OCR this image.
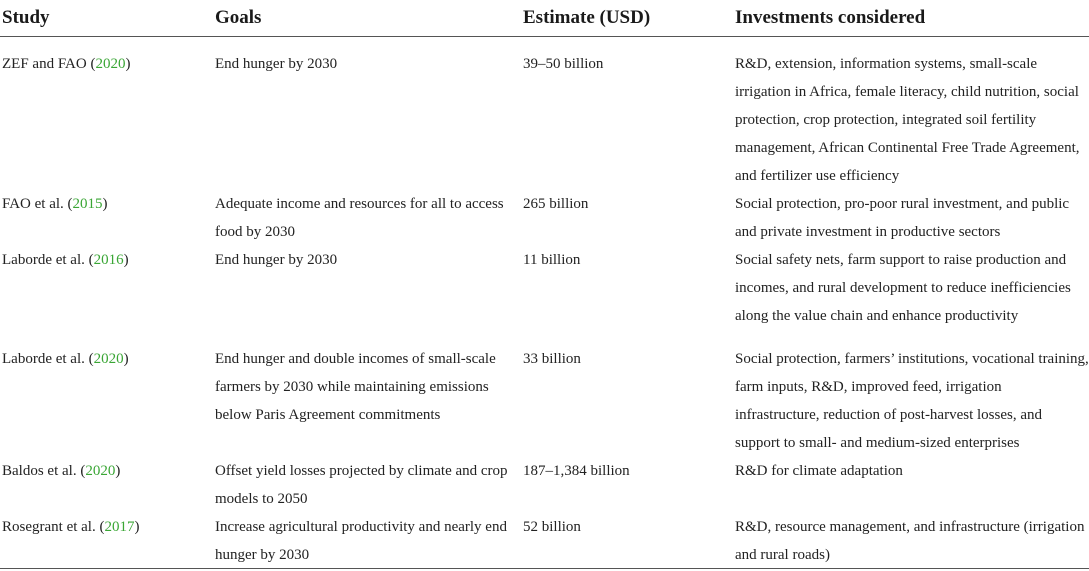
Study	Goals	Estimate (USD)	Investments considered
ZEF and FAO (2020)	End hunger by 2030	39–50 billion	R&D, extension, information systems, small-scale irrigation in Africa, female literacy, child nutrition, social protection, crop protection, integrated soil fertility management, African Continental Free Trade Agreement, and fertilizer use efficiency
FAO et al. (2015)	Adequate income and resources for all to access food by 2030	265 billion	Social protection, pro-poor rural investment, and public and private investment in productive sectors
Laborde et al. (2016)	End hunger by 2030	11 billion	Social safety nets, farm support to raise production and incomes, and rural development to reduce inefficiencies along the value chain and enhance productivity
Laborde et al. (2020)	End hunger and double incomes of small-scale farmers by 2030 while maintaining emissions below Paris Agreement commitments	33 billion	Social protection, farmers’ institutions, vocational training, farm inputs, R&D, improved feed, irrigation infrastructure, reduction of post-harvest losses, and support to small- and medium-sized enterprises
Baldos et al. (2020)	Offset yield losses projected by climate and crop models to 2050	187–1,384 billion	R&D for climate adaptation
Rosegrant et al. (2017)	Increase agricultural productivity and nearly end hunger by 2030	52 billion	R&D, resource management, and infrastructure (irrigation and rural roads)
